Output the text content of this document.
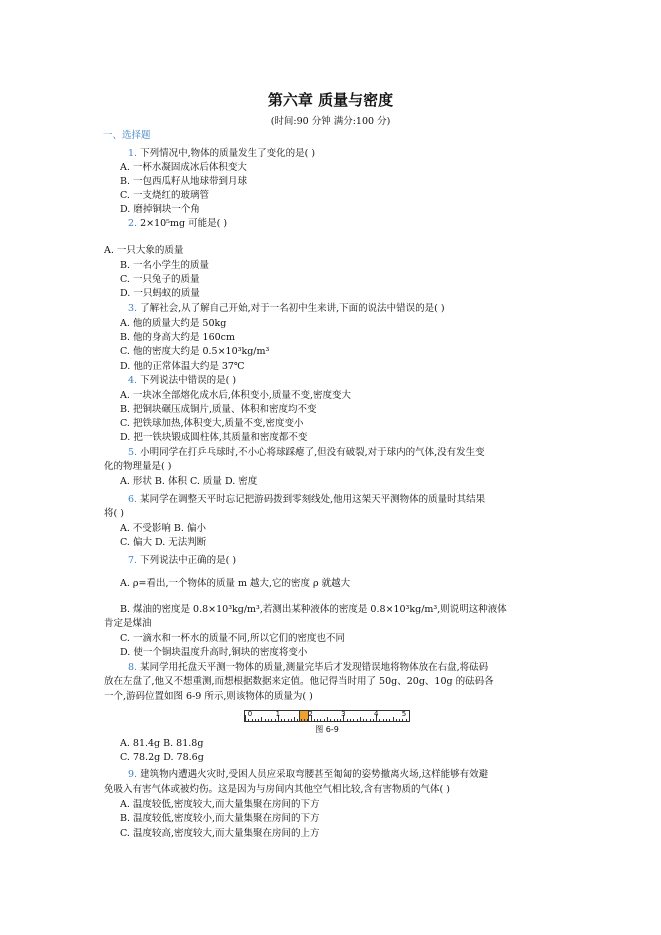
第六章 质量与密度
(时间:90 分钟 满分:100 分)
一、选择题
1. 下列情况中,物体的质量发生了变化的是( )
A. 一杯水凝固成冰后体积变大
B. 一包西瓜籽从地球带到月球
C. 一支烧红的玻璃管
D. 磨掉铜块一个角
2. 2×10⁵mg 可能是( )
A. 一只大象的质量
B. 一名小学生的质量
C. 一只兔子的质量
D. 一只蚂蚁的质量
3. 了解社会,从了解自己开始,对于一名初中生来讲,下面的说法中错误的是( )
A. 他的质量大约是 50kg
B. 他的身高大约是 160cm
C. 他的密度大约是 0.5×10³kg/m³
D. 他的正常体温大约是 37℃
4. 下列说法中错误的是( )
A. 一块冰全部熔化成水后,体积变小,质量不变,密度变大
B. 把铜块碾压成铜片,质量、体积和密度均不变
C. 把铁球加热,体积变大,质量不变,密度变小
D. 把一铁块锻成圆柱体,其质量和密度都不变
5. 小明同学在打乒乓球时,不小心将球踩瘪了,但没有破裂,对于球内的气体,没有发生变
化的物理量是( )
A. 形状 B. 体积 C. 质量 D. 密度
6. 某同学在调整天平时忘记把游码拨到零刻线处,他用这架天平测物体的质量时其结果
将( )
A. 不受影响 B. 偏小
C. 偏大 D. 无法判断
7. 下列说法中正确的是( )
A. ρ=看出,一个物体的质量 m 越大,它的密度 ρ 就越大
B. 煤油的密度是 0.8×10³kg/m³,若测出某种液体的密度是 0.8×10³kg/m³,则说明这种液体
肯定是煤油
C. 一滴水和一杯水的质量不同,所以它们的密度也不同
D. 使一个铜块温度升高时,铜块的密度将变小
8. 某同学用托盘天平测一物体的质量,测量完毕后才发现错误地将物体放在右盘,将砝码
放在左盘了,他又不想重测,而想根据数据来定值。他记得当时用了 50g、20g、10g 的砝码各
一个,游码位置如图 6-9 所示,则该物体的质量为( )
A. 81.4g B. 81.8g
C. 78.2g D. 78.6g
9. 建筑物内遭遇火灾时,受困人员应采取弯腰甚至匍匐的姿势撤离火场,这样能够有效避
免吸入有害气体或被灼伤。这是因为与房间内其他空气相比较,含有害物质的气体( )
A. 温度较低,密度较大,而大量集聚在房间的下方
B. 温度较低,密度较小,而大量集聚在房间的下方
C. 温度较高,密度较大,而大量集聚在房间的上方
0	1	2	3	4	5
图 6-9
